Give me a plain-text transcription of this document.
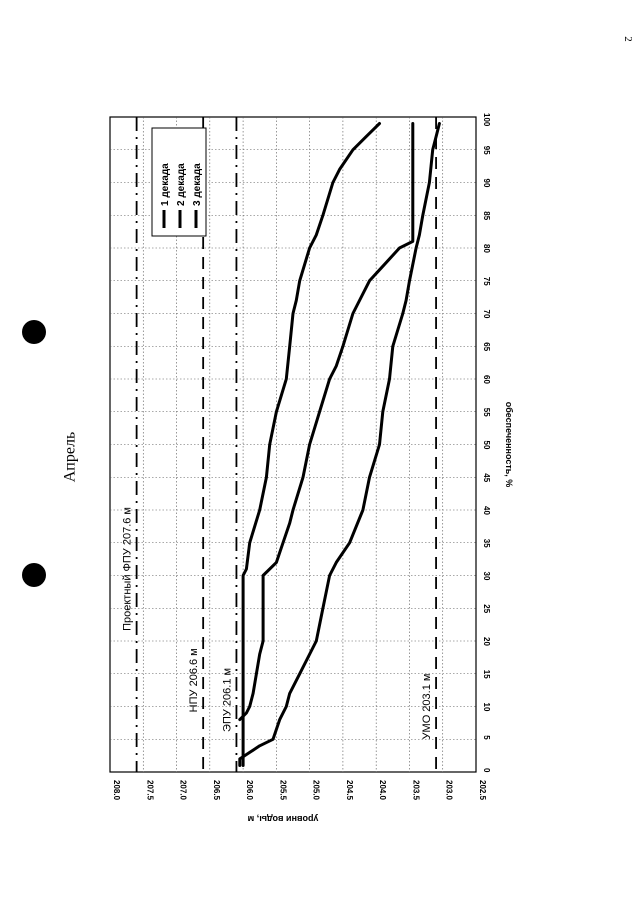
2
Апрель
208.0	207.5	207.0	206.5	206.0	205.5	205.0	204.5	204.0	203.5	203.0	202.5
0
5
10
15
20
25
30
35
40
45
50
55
60
65
70
75
80
85
90
95
100
уровни воды, м
обеспеченность, %
Проектный ФПУ 207.6 м
НПУ 206.6 м ЭПУ 206.1 м	УМО 203.1 м
1 декада 2 декада 3 декада
